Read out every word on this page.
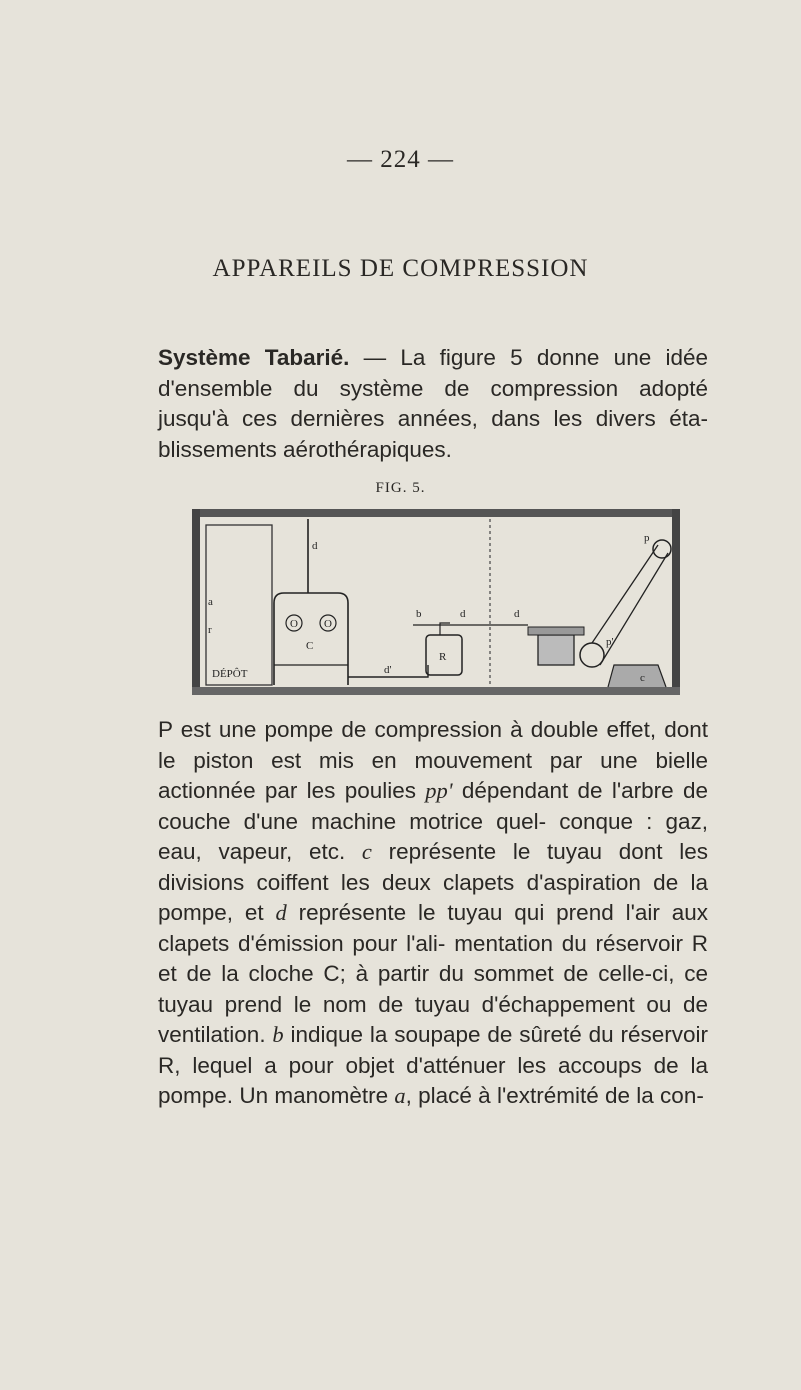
— 224 —
APPAREILS DE COMPRESSION
Système Tabarié. — La figure 5 donne une idée d'ensemble du système de compression adopté jusqu'à ces dernières années, dans les divers éta-blissements aérothérapiques.
FIG. 5.
d
a
r
DÉPÔT
O O
C
b	d
R
d'
d
p
p'
c
P est une pompe de compression à double effet, dont le piston est mis en mouvement par une bielle actionnée par les poulies pp' dépendant de l'arbre de couche d'une machine motrice quel- conque : gaz, eau, vapeur, etc. c représente le tuyau dont les divisions coiffent les deux clapets d'aspiration de la pompe, et d représente le tuyau qui prend l'air aux clapets d'émission pour l'ali- mentation du réservoir R et de la cloche C; à partir du sommet de celle-ci, ce tuyau prend le nom de tuyau d'échappement ou de ventilation. b indique la soupape de sûreté du réservoir R, lequel a pour objet d'atténuer les accoups de la pompe. Un manomètre a, placé à l'extrémité de la con-
